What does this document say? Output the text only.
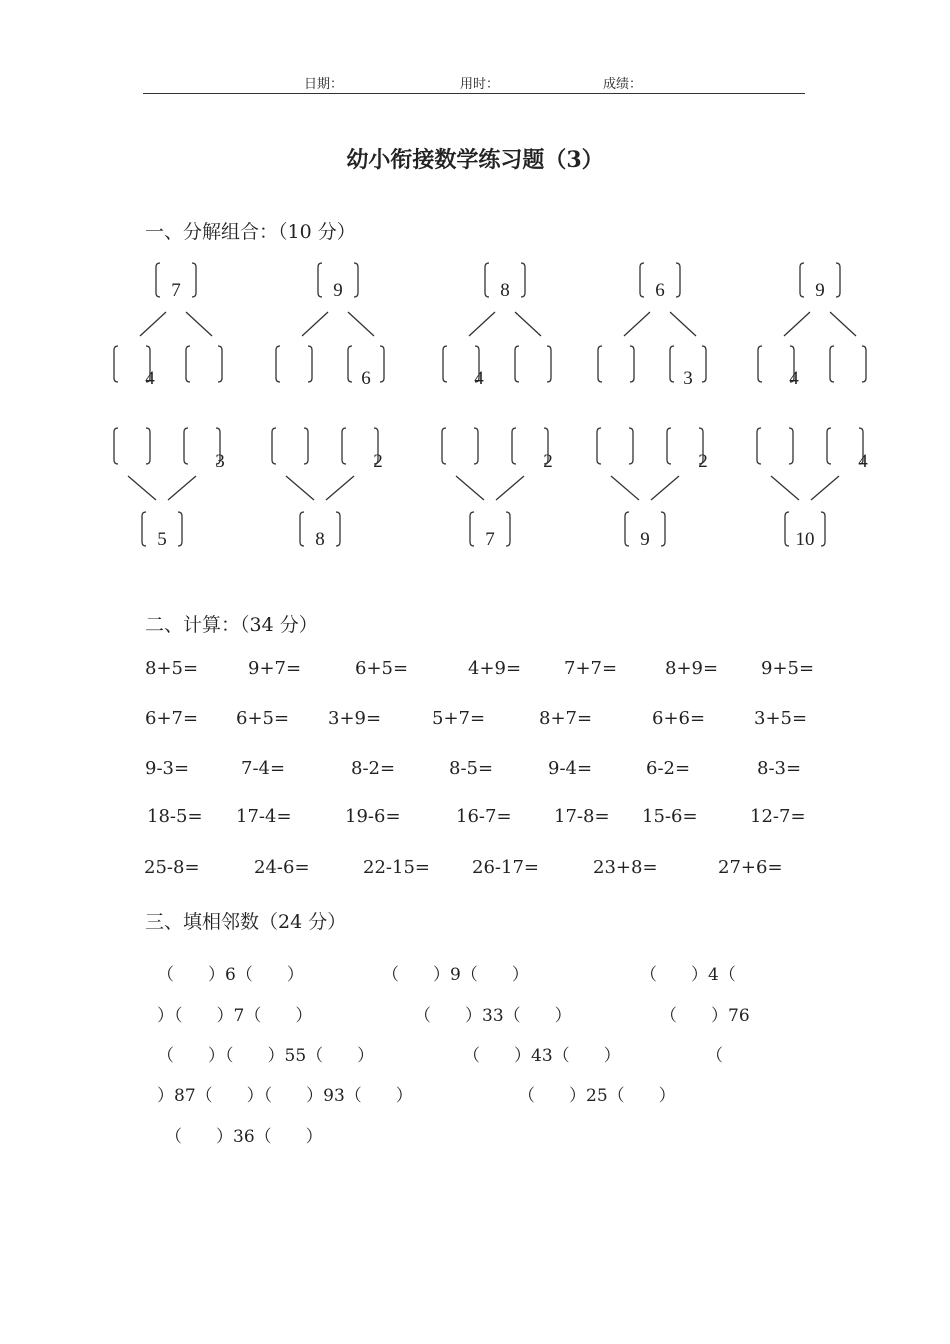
日期：	用时：	成绩：
幼小衔接数学练习题（3）
一、分解组合：（10 分）
7
4
9
6
8
4
6
3
9
4
3
5
2
8
2
7
2
9
4
10
二、计算：（34 分）
8+5=	9+7=	6+5=	4+9= 7+7=	8+9= 9+5=
6+7= 6+5= 3+9=	5+7=	8+7=	6+6=	3+5=
9-3=	7-4=	8-2=	8-5=	9-4=	6-2=	8-3=
18-5= 17-4=	19-6=	16-7= 17-8= 15-6=	12-7=
25-8=	24-6=	22-15= 26-17=	23+8=	27+6=
三、填相邻数（24 分）
（　　）6（　　）	（　　）9（　　）	（　　）4（
）（　　）7（　　）	（　　）33（　　）	（　　）76
（　　）（　　）55（　　）	（　　）43（　　）	（
）87（　　）（　　）93（　　）	（　　）25（　　）
（　　）36（　　）
